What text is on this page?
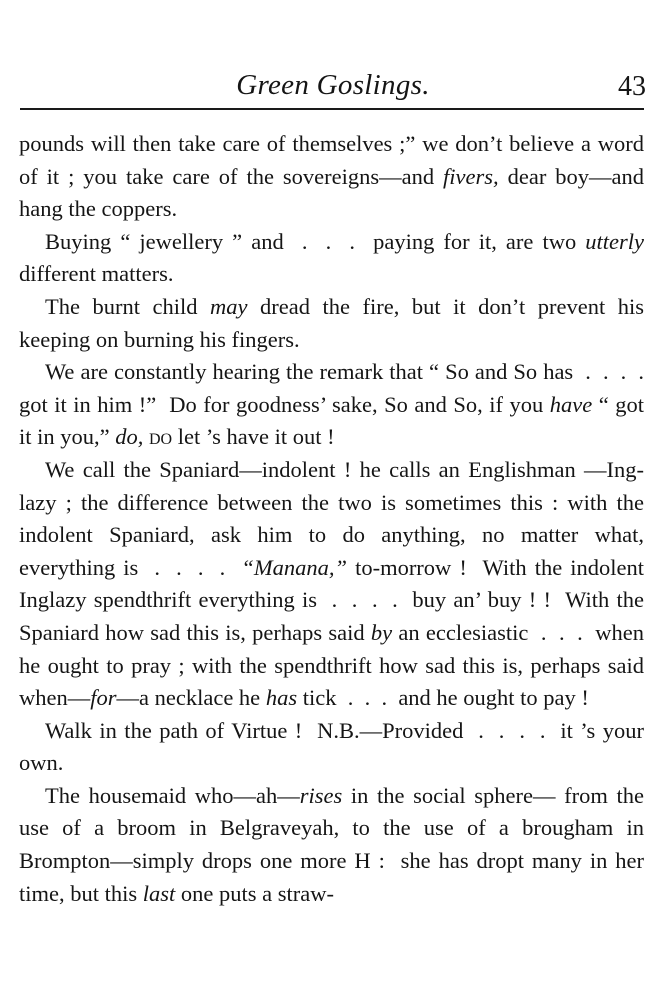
Green Goslings.	43

pounds will then take care of themselves ;” we don’t believe a word of it ; you take care of the sovereigns—and fivers, dear boy—and hang the coppers.

Buying “ jewellery ” and  .  .  .  paying for it, are two utterly different matters.

The burnt child may dread the fire, but it don’t prevent his keeping on burning his fingers.

We are constantly hearing the remark that “ So and So has  .  .  .  .  got it in him !”  Do for goodness’ sake, So and So, if you have “ got it in you,” do, do let ’s have it out !

We call the Spaniard—indolent ! he calls an Englishman —Ing-lazy ; the difference between the two is sometimes this : with the indolent Spaniard, ask him to do anything, no matter what, everything is  .  .  .  .  “Manana,” to-morrow !  With the indolent Inglazy spendthrift everything is  .  .  .  .  buy an’ buy ! !  With the Spaniard how sad this is, perhaps said by an ecclesiastic  .  .  .  when he ought to pray ; with the spendthrift how sad this is, perhaps said when—for—a necklace he has tick  .  .  .  and he ought to pay !

Walk in the path of Virtue !  N.B.—Provided  .  .  .  .  it ’s your own.

The housemaid who—ah—rises in the social sphere— from the use of a broom in Belgraveyah, to the use of a brougham in Brompton—simply drops one more H :  she has dropt many in her time, but this last one puts a straw-
